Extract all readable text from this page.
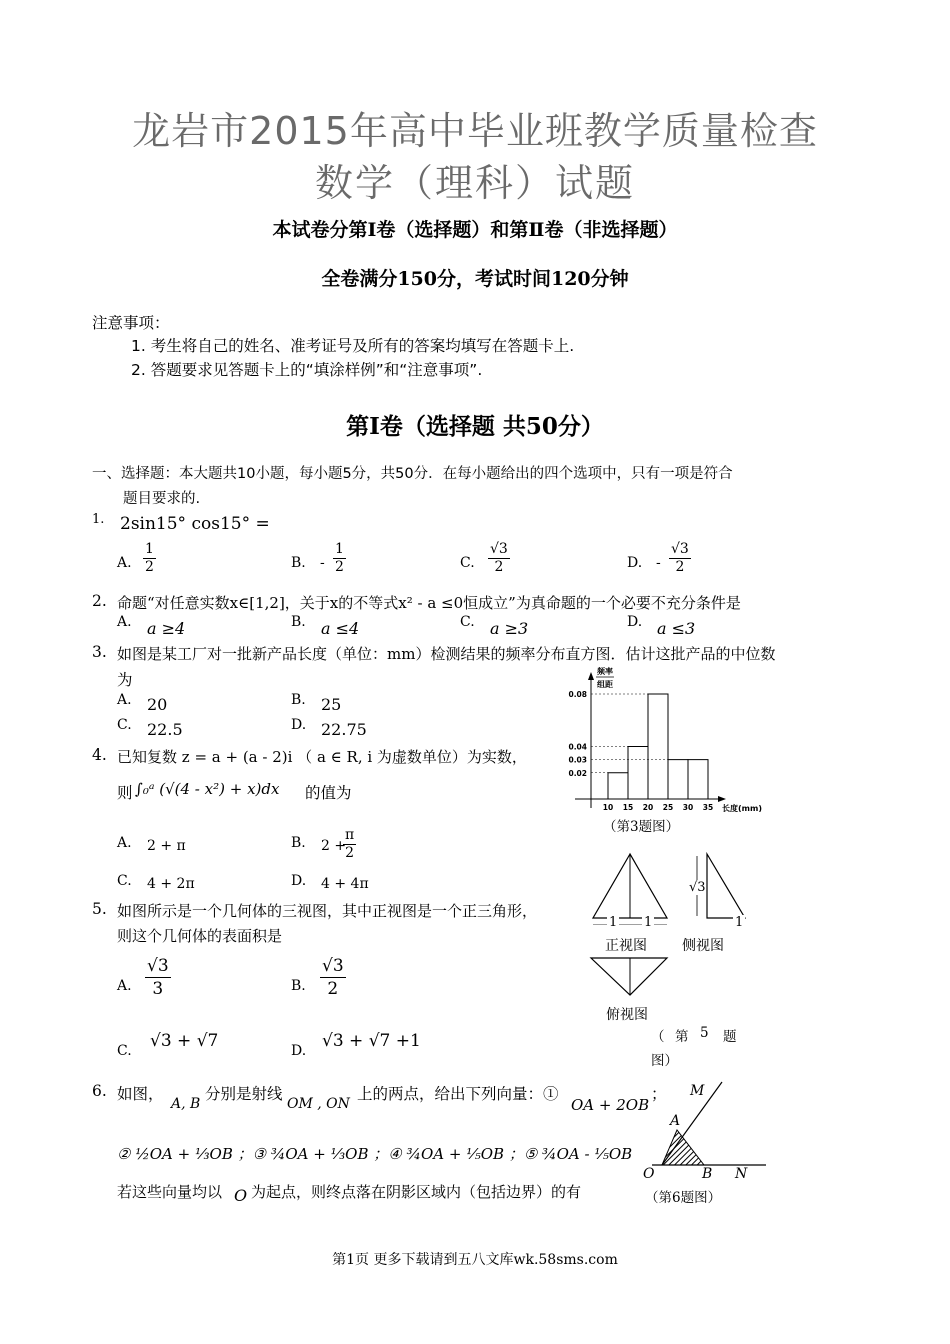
龙岩市2015年高中毕业班教学质量检查
数学（理科）试题
本试卷分第Ⅰ卷（选择题）和第Ⅱ卷（非选择题）
全卷满分150分，考试时间120分钟
注意事项：
1. 考生将自己的姓名、准考证号及所有的答案均填写在答题卡上.
2. 答题要求见答题卡上的“填涂样例”和“注意事项”.
第Ⅰ卷（选择题 共50分）
一、选择题：本大题共10小题，每小题5分，共50分．在每小题给出的四个选项中，只有一项是符合
题目要求的.
1. 2sin15° cos15° =
A. $\frac{1}{2}$	B. - $\frac{1}{2}$	C. $\frac{√3}{2}$	D. - $\frac{√3}{2}$
2. 命题“对任意实数x∈[1,2]，关于x的不等式x² - a ≤0恒成立”为真命题的一个必要不充分条件是
A. a ≥4	B. a ≤4	C. a ≥3	D. a ≤3
3. 如图是某工厂对一批新产品长度（单位：mm）检测结果的频率分布直方图．估计这批产品的中位数
为
A. 20	B. 25
C. 22.5	D. 22.75
4. 已知复数 z = a + (a - 2)i （ a ∈ R, i 为虚数单位）为实数，
则 ∫₀ᵃ (√(4 - x²) + x)dx 的值为
A. 2 + π	B. 2 +
$\frac{\pi}{2}$
C. 4 + 2π	D. 4 + 4π
5. 如图所示是一个几何体的三视图，其中正视图是一个正三角形，
则这个几何体的表面积是
A. $\frac{√3}{3}$	B. $\frac{√3}{2}$
C. √3 + √7	D. √3 + √7 +1
6. 如图，
A, B
分别是射线
OM , ON
上的两点，给出下列向量：①
OA + 2OB
；
② ½OA + ⅓OB ；③ ¾OA + ⅓OB ；④ ¾OA + ⅕OB ；⑤ ¾OA - ⅕OB
若这些向量均以 O 为起点，则终点落在阴影区域内（包括边界）的有
0.08
0.04
0.03
0.02
10 15 20 25 30 35
频率
组距
长度(mm)
（第3题图）
1 1
√3
1
正视图	侧视图
俯视图
（ 第 5 题
图）
M
A
O	B N
（第6题图）
第1页 更多下载请到五八文库wk.58sms.com
